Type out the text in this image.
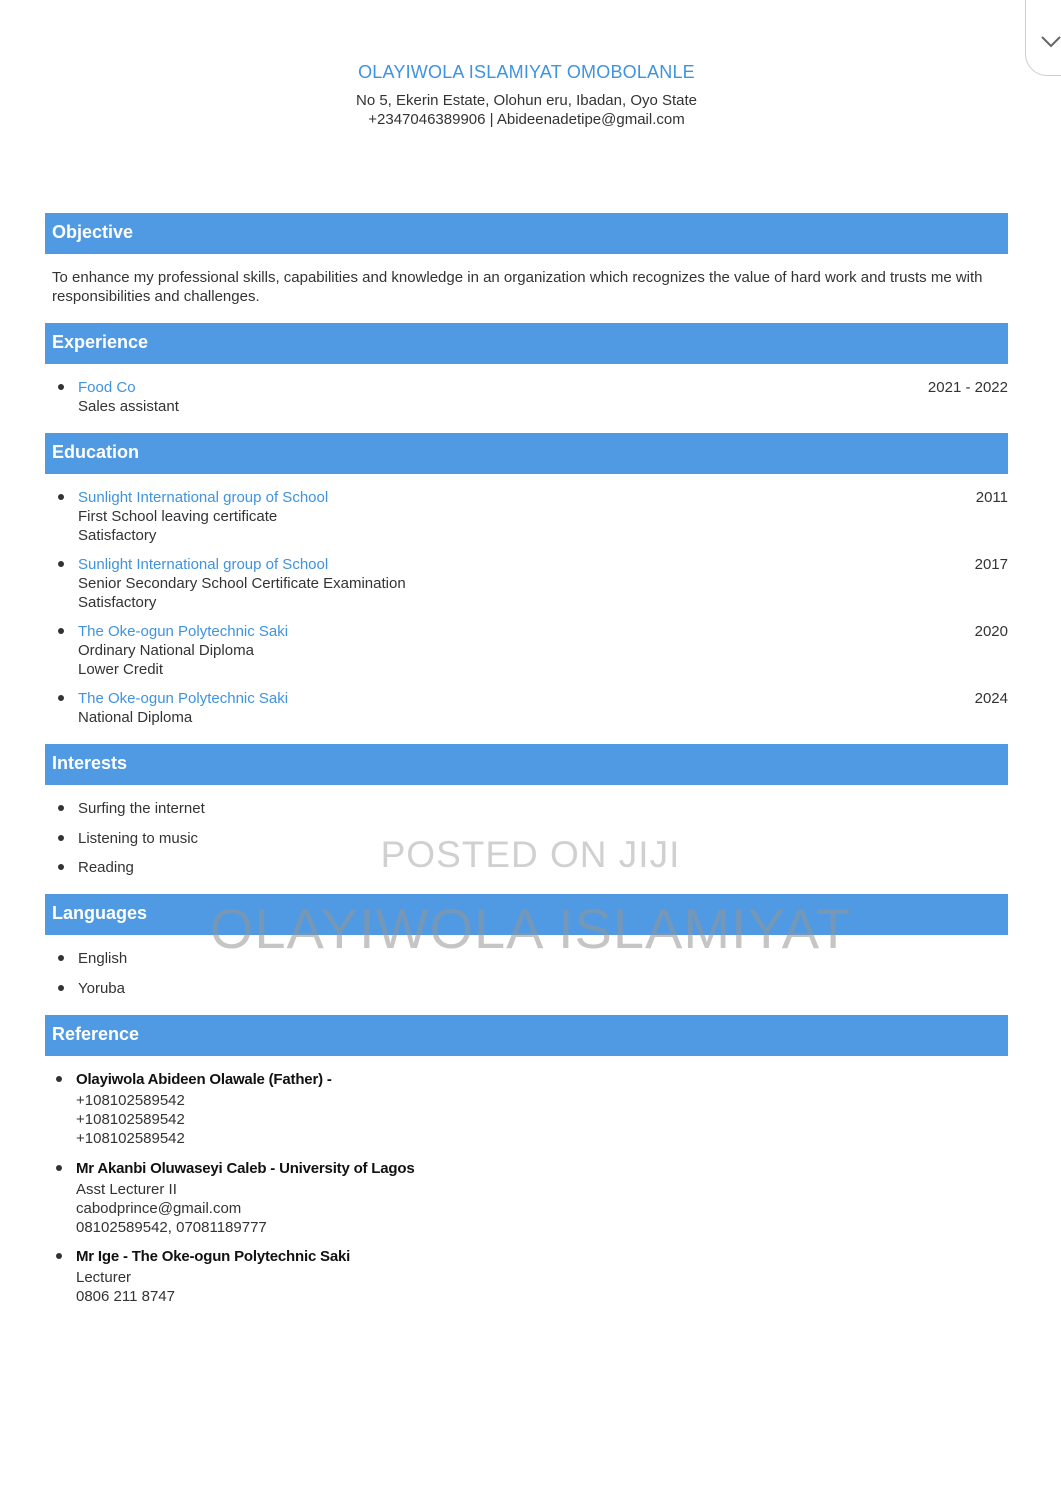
OLAYIWOLA ISLAMIYAT OMOBOLANLE
No 5, Ekerin Estate, Olohun eru, Ibadan, Oyo State
+2347046389906 | Abideenadetipe@gmail.com
Objective
To enhance my professional skills, capabilities and knowledge in an organization which recognizes the value of hard work and trusts me with responsibilities and challenges.
Experience
Food Co
Sales assistant
2021 - 2022
Education
Sunlight International group of School
First School leaving certificate
Satisfactory
2011
Sunlight International group of School
Senior Secondary School Certificate Examination
Satisfactory
2017
The Oke-ogun Polytechnic Saki
Ordinary National Diploma
Lower Credit
2020
The Oke-ogun Polytechnic Saki
National Diploma
2024
Interests
Surfing the internet
Listening to music
Reading
Languages
English
Yoruba
Reference
Olayiwola Abideen Olawale (Father) -
+108102589542
+108102589542
+108102589542
Mr Akanbi Oluwaseyi Caleb - University of Lagos
Asst Lecturer II
cabodprince@gmail.com
08102589542, 07081189777
Mr Ige - The Oke-ogun Polytechnic Saki
Lecturer
0806 211 8747
POSTED ON JIJI
OLAYIWOLA ISLAMIYAT
